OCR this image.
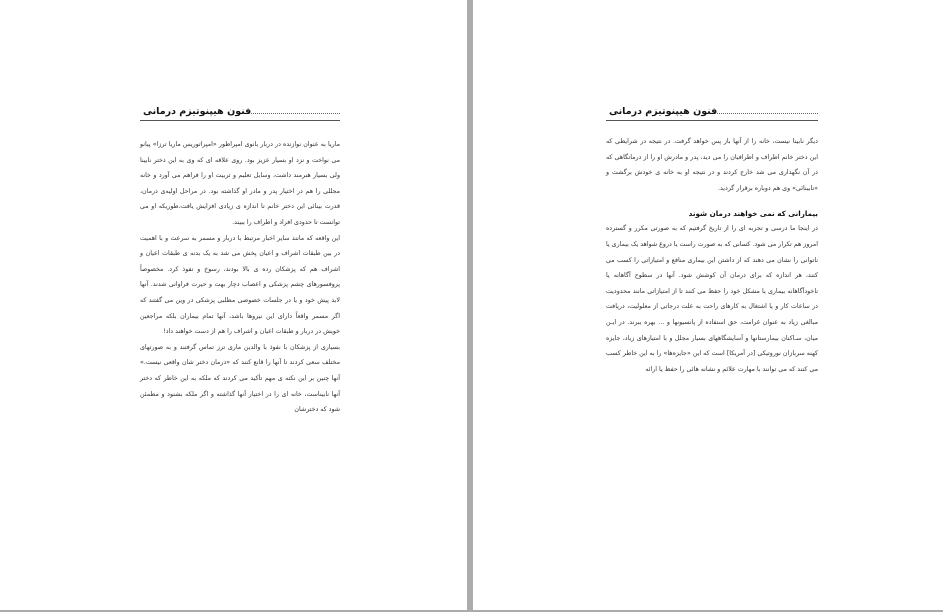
فنون هیپنوتیزم درمانی

ماریا به عنوان نوازنده در دربار بانوی امپراطور «امپراتوریس ماریا ترزا» پیانو می نواخت و نزد او بسیار عزیز بود. روی علاقه ای که وی به این دختر نابینا ولی بسیار هنرمند داشت، وسایل تعلیم و تربیت او را فراهم می آورد و خانه مجللی را هم در اختیار پدر و مادر او گذاشته بود. در مراحل اولیه‌ی درمان، قدرت بینائی این دختر خانم تا اندازه ی زیادی افزایش یافت،طوریکه او می توانست تا حدودی افراد و اطراف را ببیند.

این واقعه که مانند سایر اخبار مرتبط با دربار و مسمر به سرعت و با اهمیت در بین طبقات اشراف و اعیان پخش می شد به یک بدنه ی طبقات اعیان و اشراف هم که پزشکان رده ی بالا بودند، رسوخ و نفوذ کرد. مخصوصاً پروفسورهای چشم پزشکی و اعصاب دچار بهت و حیرت فراوانی شدند. آنها لابد پیش خود و یا در جلسات خصوصی مطلبی پزشکی در وین می گفتند که اگر مسمر واقعاً دارای این نیروها باشد، آنها تمام بیماران بلکه مراجعین خویش در دربار و طبقات اعیان و اشراف را هم از دست خواهند داد!

بسیاری از پزشکان با نفوذ با والدین ماری ترز تماس گرفتند و به صورتهای مختلف سعی کردند تا آنها را قانع کنند که «درمان دختر شان واقعی نیست.» آنها چنین بر این نکته ی مهم تأکید می کردند که ملکه به این خاطر که دختر آنها نابیناست، خانه ای را در اختیار آنها گذاشته و اگر ملکه بشنود و مطمئن شود که دخترشان

فنون هیپنوتیزم درمانی

دیگر نابینا نیست، خانه را از آنها باز پس خواهد گرفت. در نتیجه در شرایطی که این دختر خانم اطراف و اطرافیان را می دید، پدر و مادرش او را از درمانگاهی که در آن نگهداری می شد خارج کردند و در نتیجه او به خانه ی خودش برگشت و «نابینائی» وی هم دوباره برقرار گردید.

بیمارانی که نمی خواهند درمان شوند

در اینجا ما درسی و تجربه ای را از تاریخ گرفتیم که به صورتی مکرر و گسترده امروز هم تکرار می شود. کسانی که به صورت راست یا دروغ شواهد یک بیماری یا ناتوانی را نشان می دهند که از داشتن این بیماری منافع و امتیازاتی را کسب می کنند، هر اندازه که برای درمان آن کوشش شود. آنها در سطوح آگاهانه یا ناخودآگاهانه بیماری یا مشکل خود را حفظ می کنند تا از امتیازاتی مانند محدودیت در ساعات کار و یا اشتغال به کارهای راحت به علت درجاتی از معلولیت، دریافت مبالغی زیاد به عنوان غرامت، حق استفاده از پانسیونها و ... بهره ببرند. در ایـن میان، سـاکنان بیمارستانها و آسایشگاههای بسیار مجلل و با امتیازهای زیاد، جایزه کهنه سربازان نوروتیکی [در آمریکا] است که این «جایزه‌ها» را به این خاطر کسب می کنند که می توانند با مهارت علائم و نشانه هائی را حفظ یا ارائه
